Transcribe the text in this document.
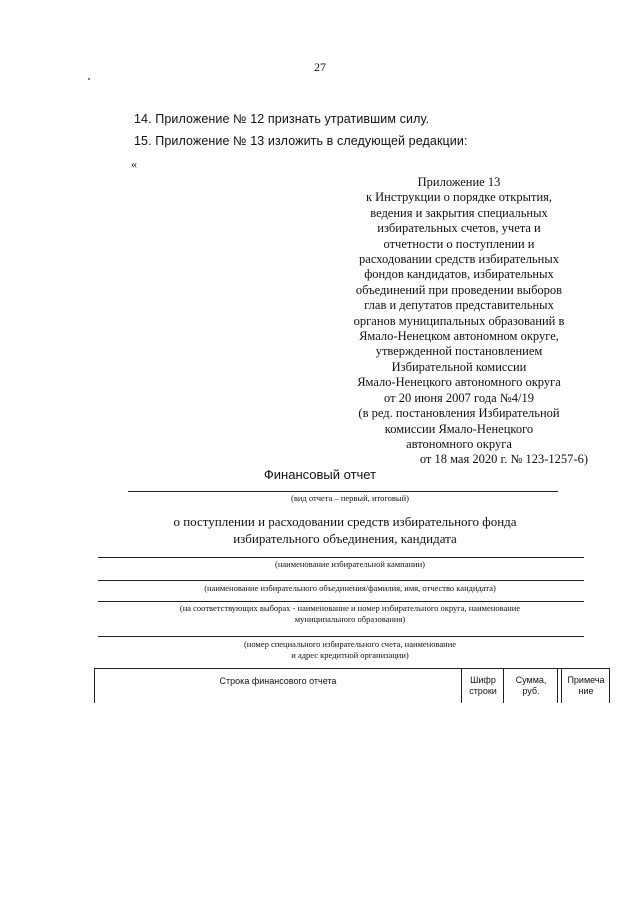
27
14. Приложение № 12 признать утратившим силу.
15. Приложение № 13 изложить в следующей редакции:
«
Приложение 13
к Инструкции о порядке открытия,
ведения и закрытия специальных
избирательных счетов, учета и
отчетности о поступлении и
расходовании средств избирательных
фондов кандидатов, избирательных
объединений при проведении выборов
глав и депутатов представительных
органов муниципальных образований в
Ямало-Ненецком автономном округе,
утвержденной постановлением
Избирательной комиссии
Ямало-Ненецкого автономного округа
от 20 июня 2007 года №4/19
(в ред. постановления Избирательной
комиссии Ямало-Ненецкого
автономного округа
от 18 мая 2020 г. № 123-1257-6)
Финансовый отчет
(вид отчета – первый, итоговый)
о поступлении и расходовании средств избирательного фонда
избирательного объединения, кандидата
(наименование избирательной кампании)
(наименование избирательного объединения/фамилия, имя, отчество кандидата)
(на соответствующих выборах - наименование и номер избирательного округа, наименование
муниципального образования)
(номер специального избирательного счета, наименование
и адрес кредитной организации)
Строка финансового отчета	Шифр
строки
Сумма,
руб.
Примеча
ние
